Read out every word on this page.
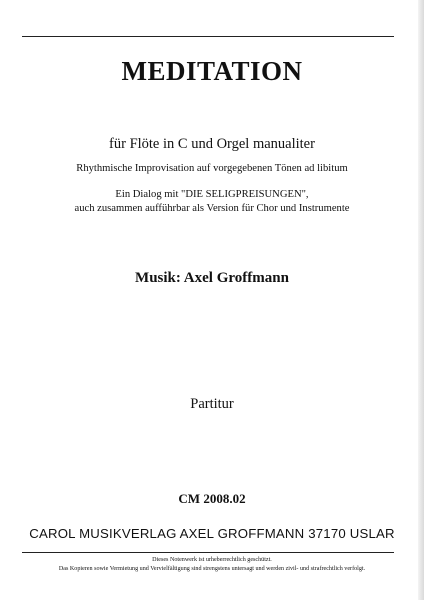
MEDITATION
für Flöte in C und Orgel manualiter
Rhythmische Improvisation auf vorgegebenen Tönen ad libitum
Ein Dialog mit "DIE SELIGPREISUNGEN",
auch zusammen aufführbar als Version für Chor und Instrumente
Musik: Axel Groffmann
Partitur
CM 2008.02
CAROL MUSIKVERLAG AXEL GROFFMANN 37170 USLAR
Dieses Notenwerk ist urheberrechtlich geschützt.
Das Kopieren sowie Vermietung und Vervielfältigung sind strengstens untersagt und werden zivil- und strafrechtlich verfolgt.
